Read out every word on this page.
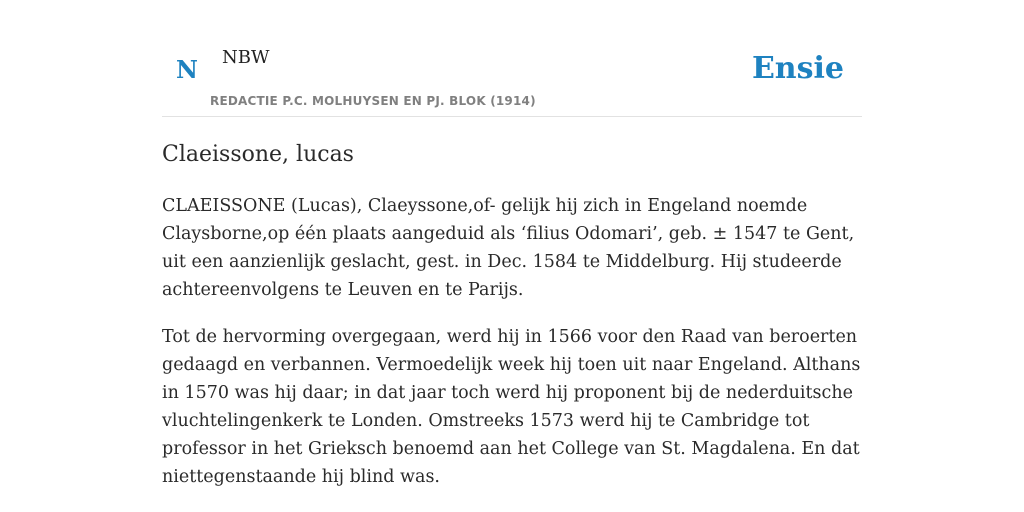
N NBW
REDACTIE P.C. MOLHUYSEN EN PJ. BLOK (1914)
Ensie
Claeissone, lucas

CLAEISSONE (Lucas), Claeyssone,of- gelijk hij zich in Engeland noemde Claysborne,op één plaats aangeduid als ‘filius Odomari’, geb. ± 1547 te Gent, uit een aanzienlijk geslacht, gest. in Dec. 1584 te Middelburg. Hij studeerde achtereenvolgens te Leuven en te Parijs.

Tot de hervorming overgegaan, werd hij in 1566 voor den Raad van beroerten gedaagd en verbannen. Vermoedelijk week hij toen uit naar Engeland. Althans in 1570 was hij daar; in dat jaar toch werd hij proponent bij de nederduitsche vluchtelingenkerk te Londen. Omstreeks 1573 werd hij te Cambridge tot professor in het Grieksch benoemd aan het College van St. Magdalena. En dat niettegenstaande hij blind was.
